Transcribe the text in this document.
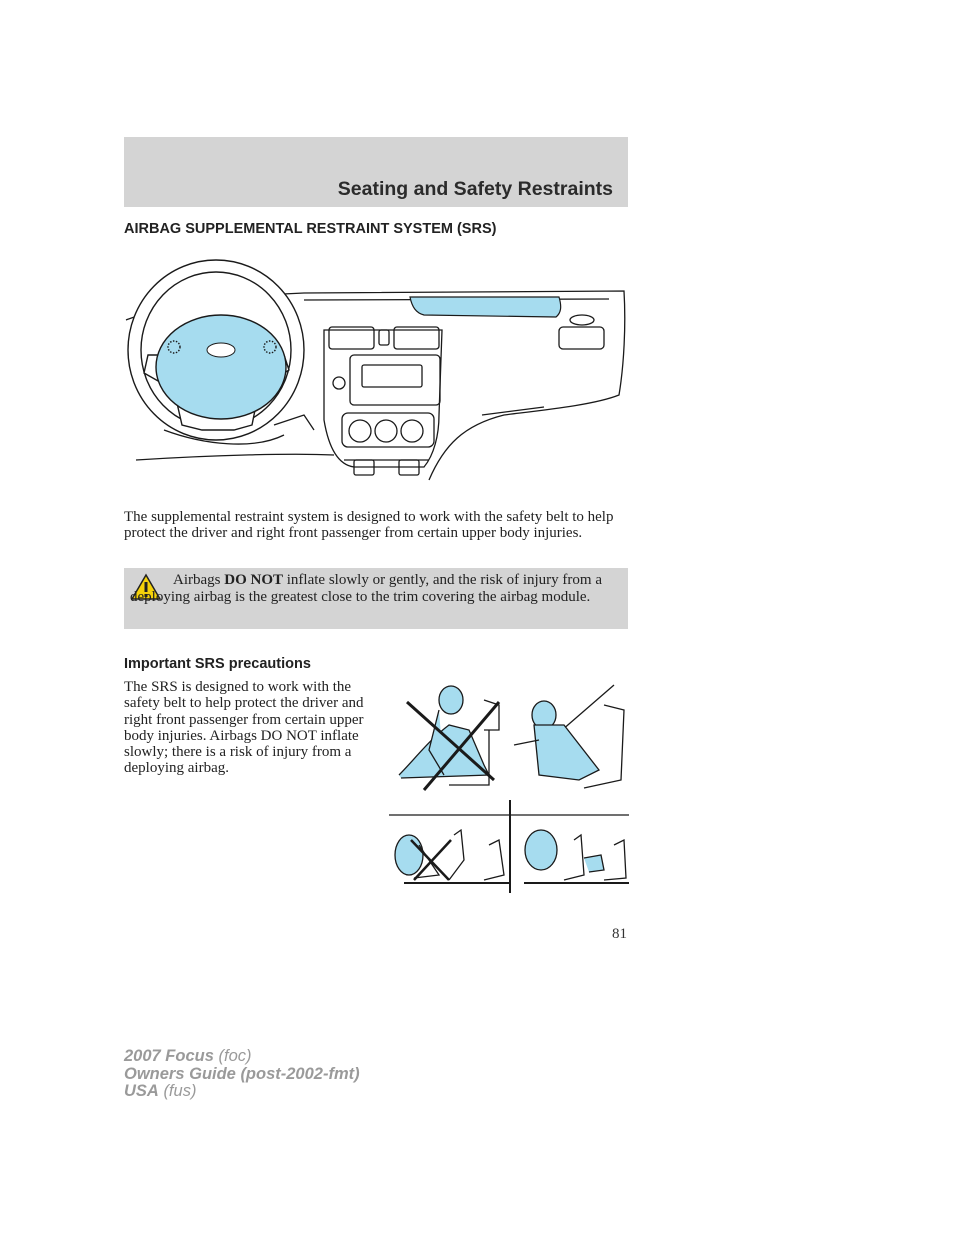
Seating and Safety Restraints
AIRBAG SUPPLEMENTAL RESTRAINT SYSTEM (SRS)

The supplemental restraint system is designed to work with the safety belt to help protect the driver and right front passenger from certain upper body injuries.

Airbags DO NOT inflate slowly or gently, and the risk of injury from a deploying airbag is the greatest close to the trim covering the airbag module.

Important SRS precautions

The SRS is designed to work with the safety belt to help protect the driver and right front passenger from certain upper body injuries. Airbags DO NOT inflate slowly; there is a risk of injury from a deploying airbag.

81
2007 Focus (foc)
Owners Guide (post-2002-fmt)
USA (fus)
